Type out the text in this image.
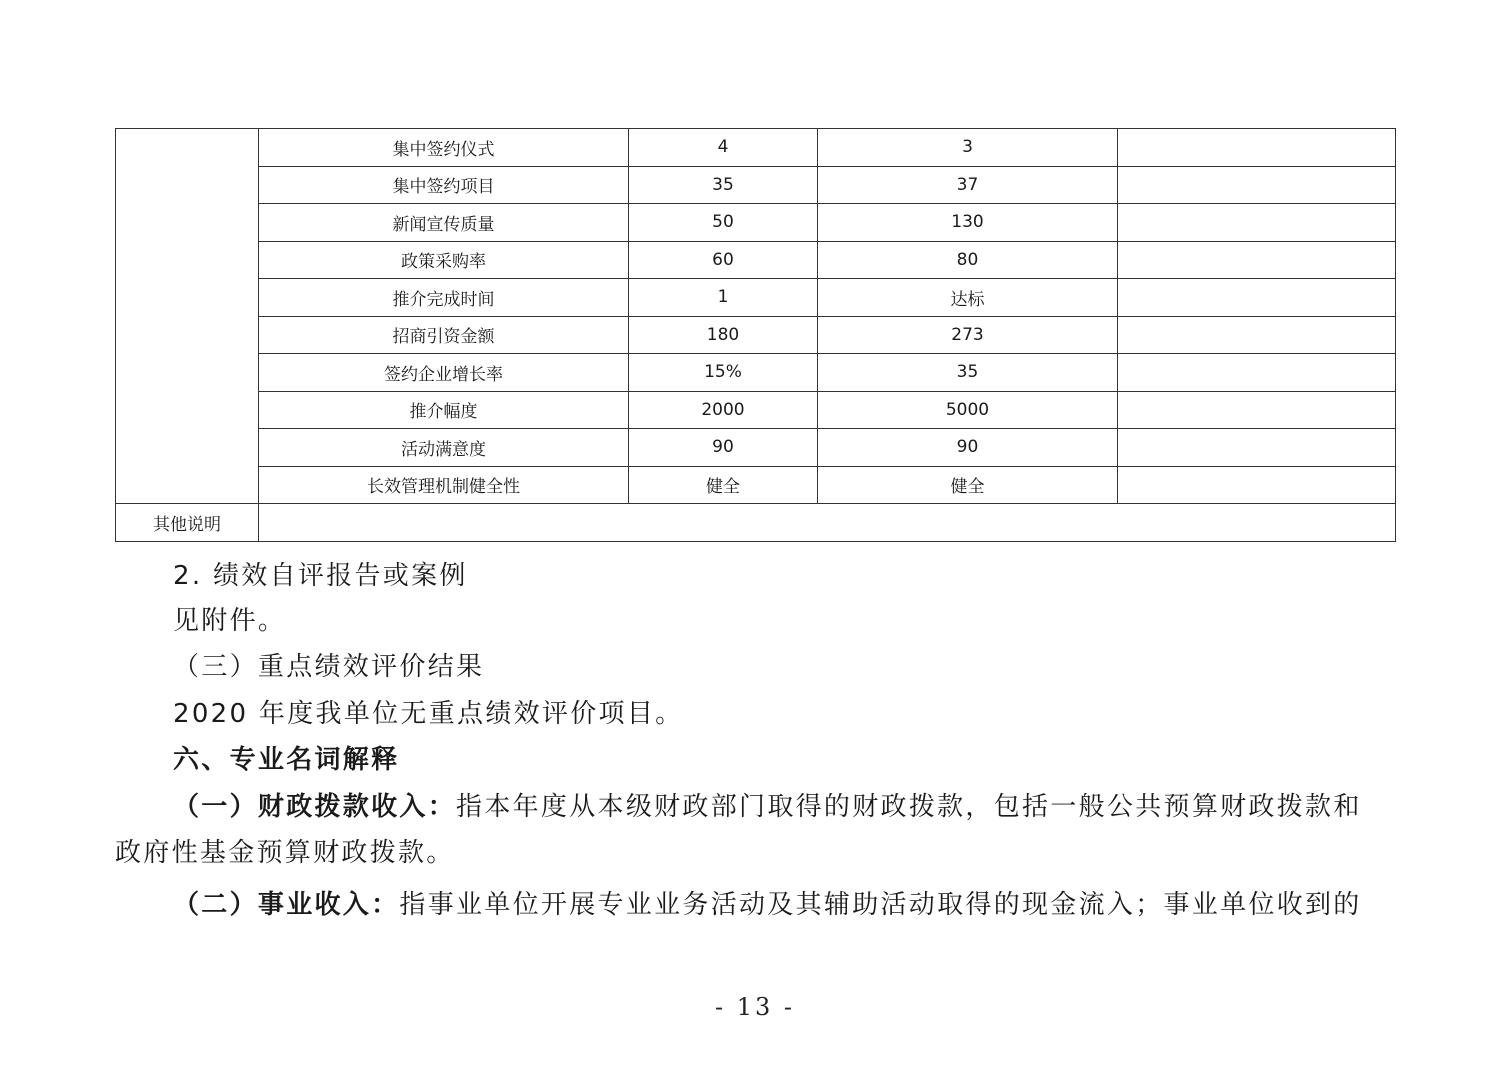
	集中签约仪式	4	3	
	集中签约项目	35	37	
	新闻宣传质量	50	130	
	政策采购率	60	80	
	推介完成时间	1	达标	
	招商引资金额	180	273	
	签约企业增长率	15%	35	
	推介幅度	2000	5000	
	活动满意度	90	90	
	长效管理机制健全性	健全	健全	
其他说明				
2. 绩效自评报告或案例
见附件。
（三）重点绩效评价结果
2020 年度我单位无重点绩效评价项目。
六、专业名词解释
（一）财政拨款收入：指本年度从本级财政部门取得的财政拨款，包括一般公共预算财政拨款和
政府性基金预算财政拨款。
（二）事业收入：指事业单位开展专业业务活动及其辅助活动取得的现金流入；事业单位收到的
- 13 -
